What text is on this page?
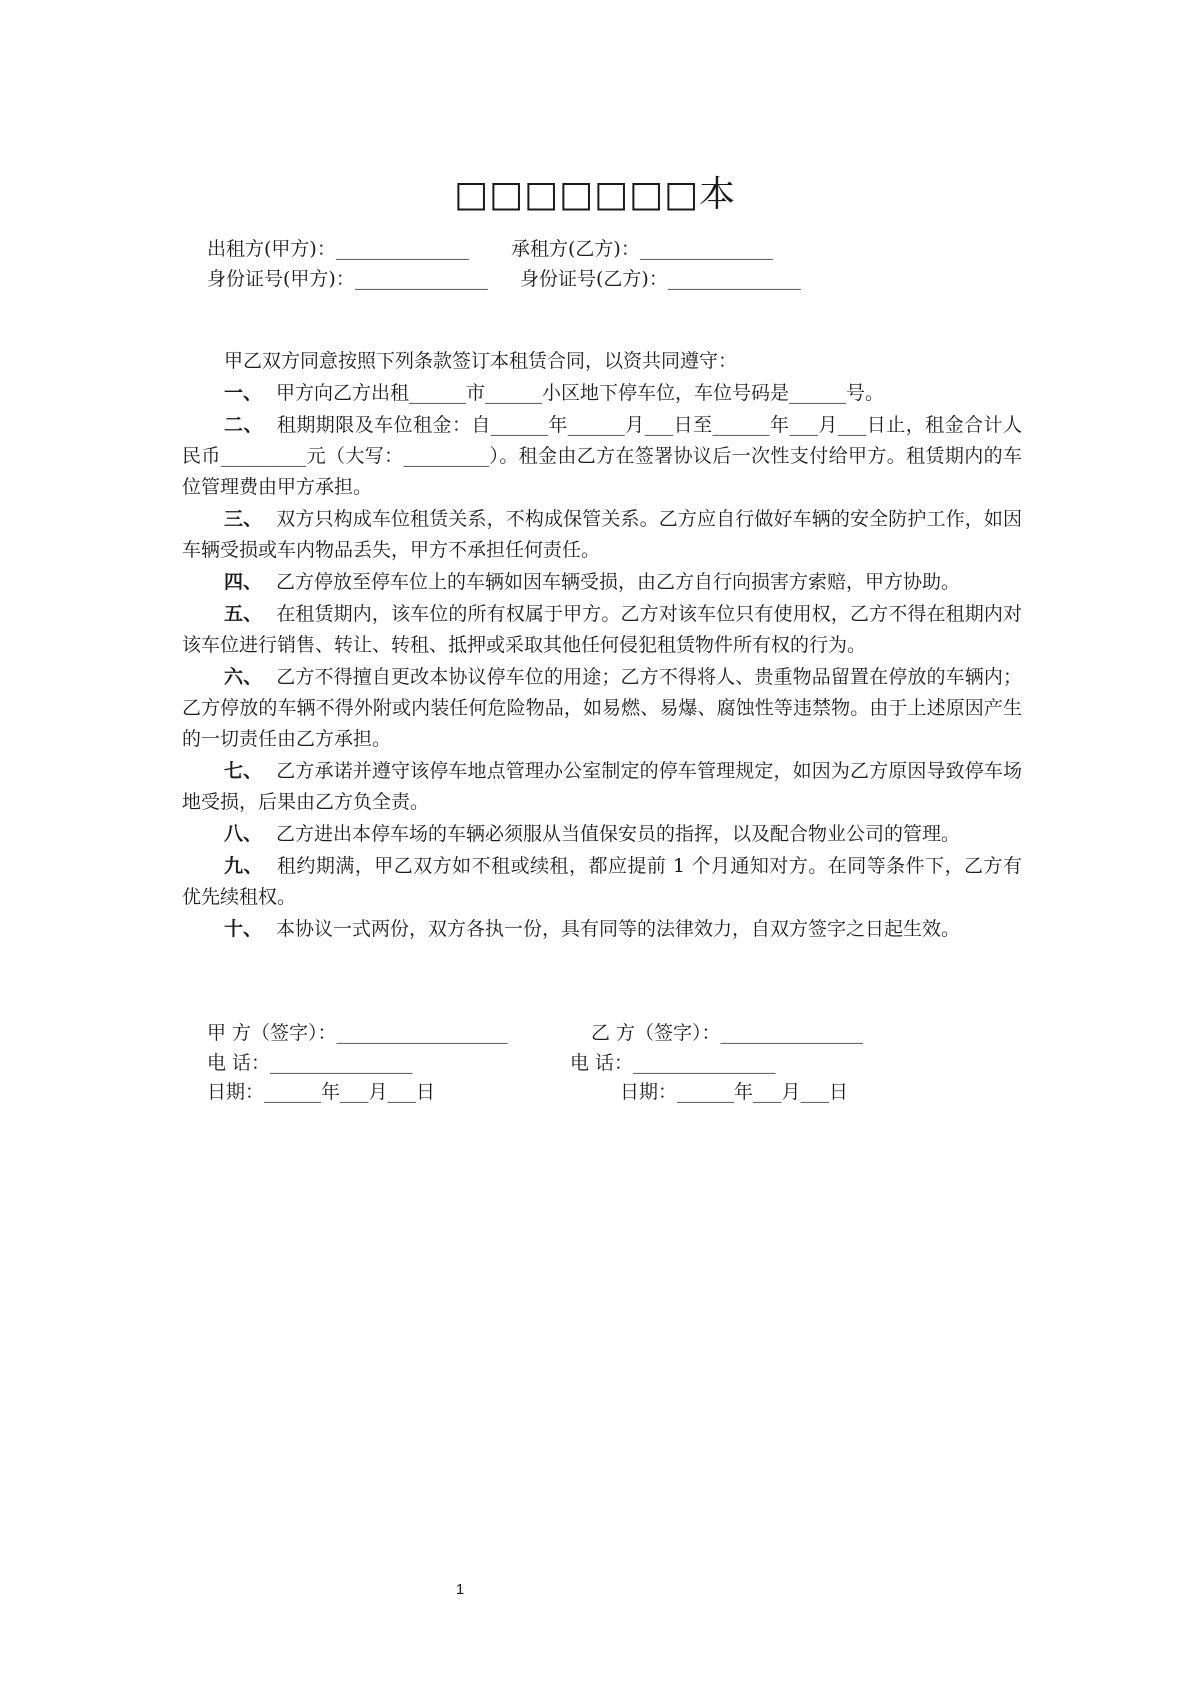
□□□□□□□本
出租方(甲方)：______________ 承租方(乙方)：______________
身份证号(甲方)：______________ 身份证号(乙方)：______________
甲乙双方同意按照下列条款签订本租赁合同，以资共同遵守：
一、 甲方向乙方出租______市______小区地下停车位，车位号码是______号。
二、 租期期限及车位租金：自______年______月___日至______年___月___日止，租金合计人民币_________元（大写：_________）。租金由乙方在签署协议后一次性支付给甲方。租赁期内的车位管理费由甲方承担。
三、 双方只构成车位租赁关系，不构成保管关系。乙方应自行做好车辆的安全防护工作，如因车辆受损或车内物品丢失，甲方不承担任何责任。
四、 乙方停放至停车位上的车辆如因车辆受损，由乙方自行向损害方索赔，甲方协助。
五、 在租赁期内，该车位的所有权属于甲方。乙方对该车位只有使用权，乙方不得在租期内对该车位进行销售、转让、转租、抵押或采取其他任何侵犯租赁物件所有权的行为。
六、 乙方不得擅自更改本协议停车位的用途；乙方不得将人、贵重物品留置在停放的车辆内；乙方停放的车辆不得外附或内装任何危险物品，如易燃、易爆、腐蚀性等违禁物。由于上述原因产生的一切责任由乙方承担。
七、 乙方承诺并遵守该停车地点管理办公室制定的停车管理规定，如因为乙方原因导致停车场地受损，后果由乙方负全责。
八、 乙方进出本停车场的车辆必须服从当值保安员的指挥，以及配合物业公司的管理。
九、 租约期满，甲乙双方如不租或续租，都应提前 1 个月通知对方。在同等条件下，乙方有优先续租权。
十、 本协议一式两份，双方各执一份，具有同等的法律效力，自双方签字之日起生效。
甲 方（签字）：__________________	乙 方（签字）：_______________
电 话：_______________	电 话：_______________
日期：______年___月___日	日期：______年___月___日
1
